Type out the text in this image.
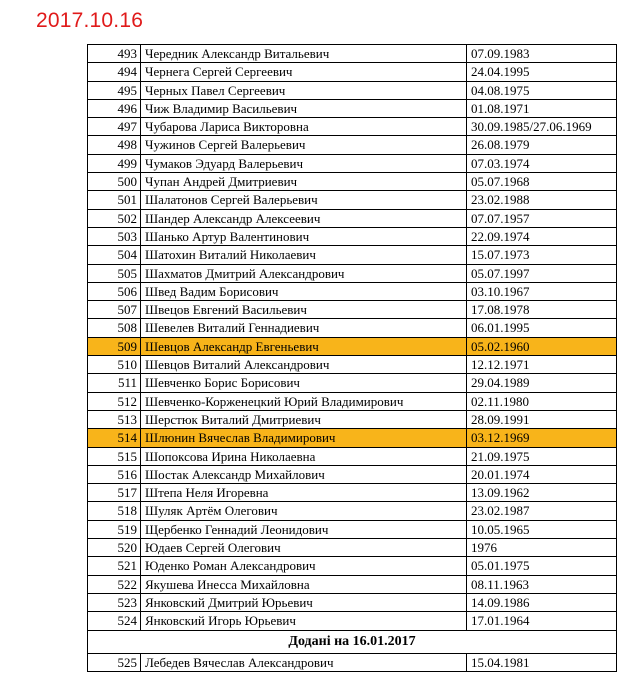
2017.10.16
493	Чередник Александр Витальевич	07.09.1983
494	Чернега Сергей Сергеевич	24.04.1995
495	Черных Павел Сергеевич	04.08.1975
496	Чиж Владимир Васильевич	01.08.1971
497	Чубарова Лариса Викторовна	30.09.1985/27.06.1969
498	Чужинов Сергей Валерьевич	26.08.1979
499	Чумаков Эдуард Валерьевич	07.03.1974
500	Чупан Андрей Дмитриевич	05.07.1968
501	Шалатонов Сергей Валерьевич	23.02.1988
502	Шандер Александр Алексеевич	07.07.1957
503	Шанько Артур Валентинович	22.09.1974
504	Шатохин Виталий Николаевич	15.07.1973
505	Шахматов Дмитрий Александрович	05.07.1997
506	Швед Вадим Борисович	03.10.1967
507	Швецов Евгений Васильевич	17.08.1978
508	Шевелев Виталий Геннадиевич	06.01.1995
509	Шевцов Александр Евгеньевич	05.02.1960
510	Шевцов Виталий Александрович	12.12.1971
511	Шевченко Борис Борисович	29.04.1989
512	Шевченко-Корженецкий Юрий Владимирович	02.11.1980
513	Шерстюк Виталий Дмитриевич	28.09.1991
514	Шлюнин Вячеслав Владимирович	03.12.1969
515	Шопоксова Ирина Николаевна	21.09.1975
516	Шостак Александр Михайлович	20.01.1974
517	Штепа Неля Игоревна	13.09.1962
518	Шуляк Артём Олегович	23.02.1987
519	Щербенко Геннадий Леонидович	10.05.1965
520	Юдаев Сергей Олегович	1976
521	Юденко Роман Александрович	05.01.1975
522	Якушева Инесса Михайловна	08.11.1963
523	Янковский Дмитрий Юрьевич	14.09.1986
524	Янковский Игорь Юрьевич	17.01.1964
Додані на 16.01.2017		
525	Лебедев Вячеслав Александрович	15.04.1981
